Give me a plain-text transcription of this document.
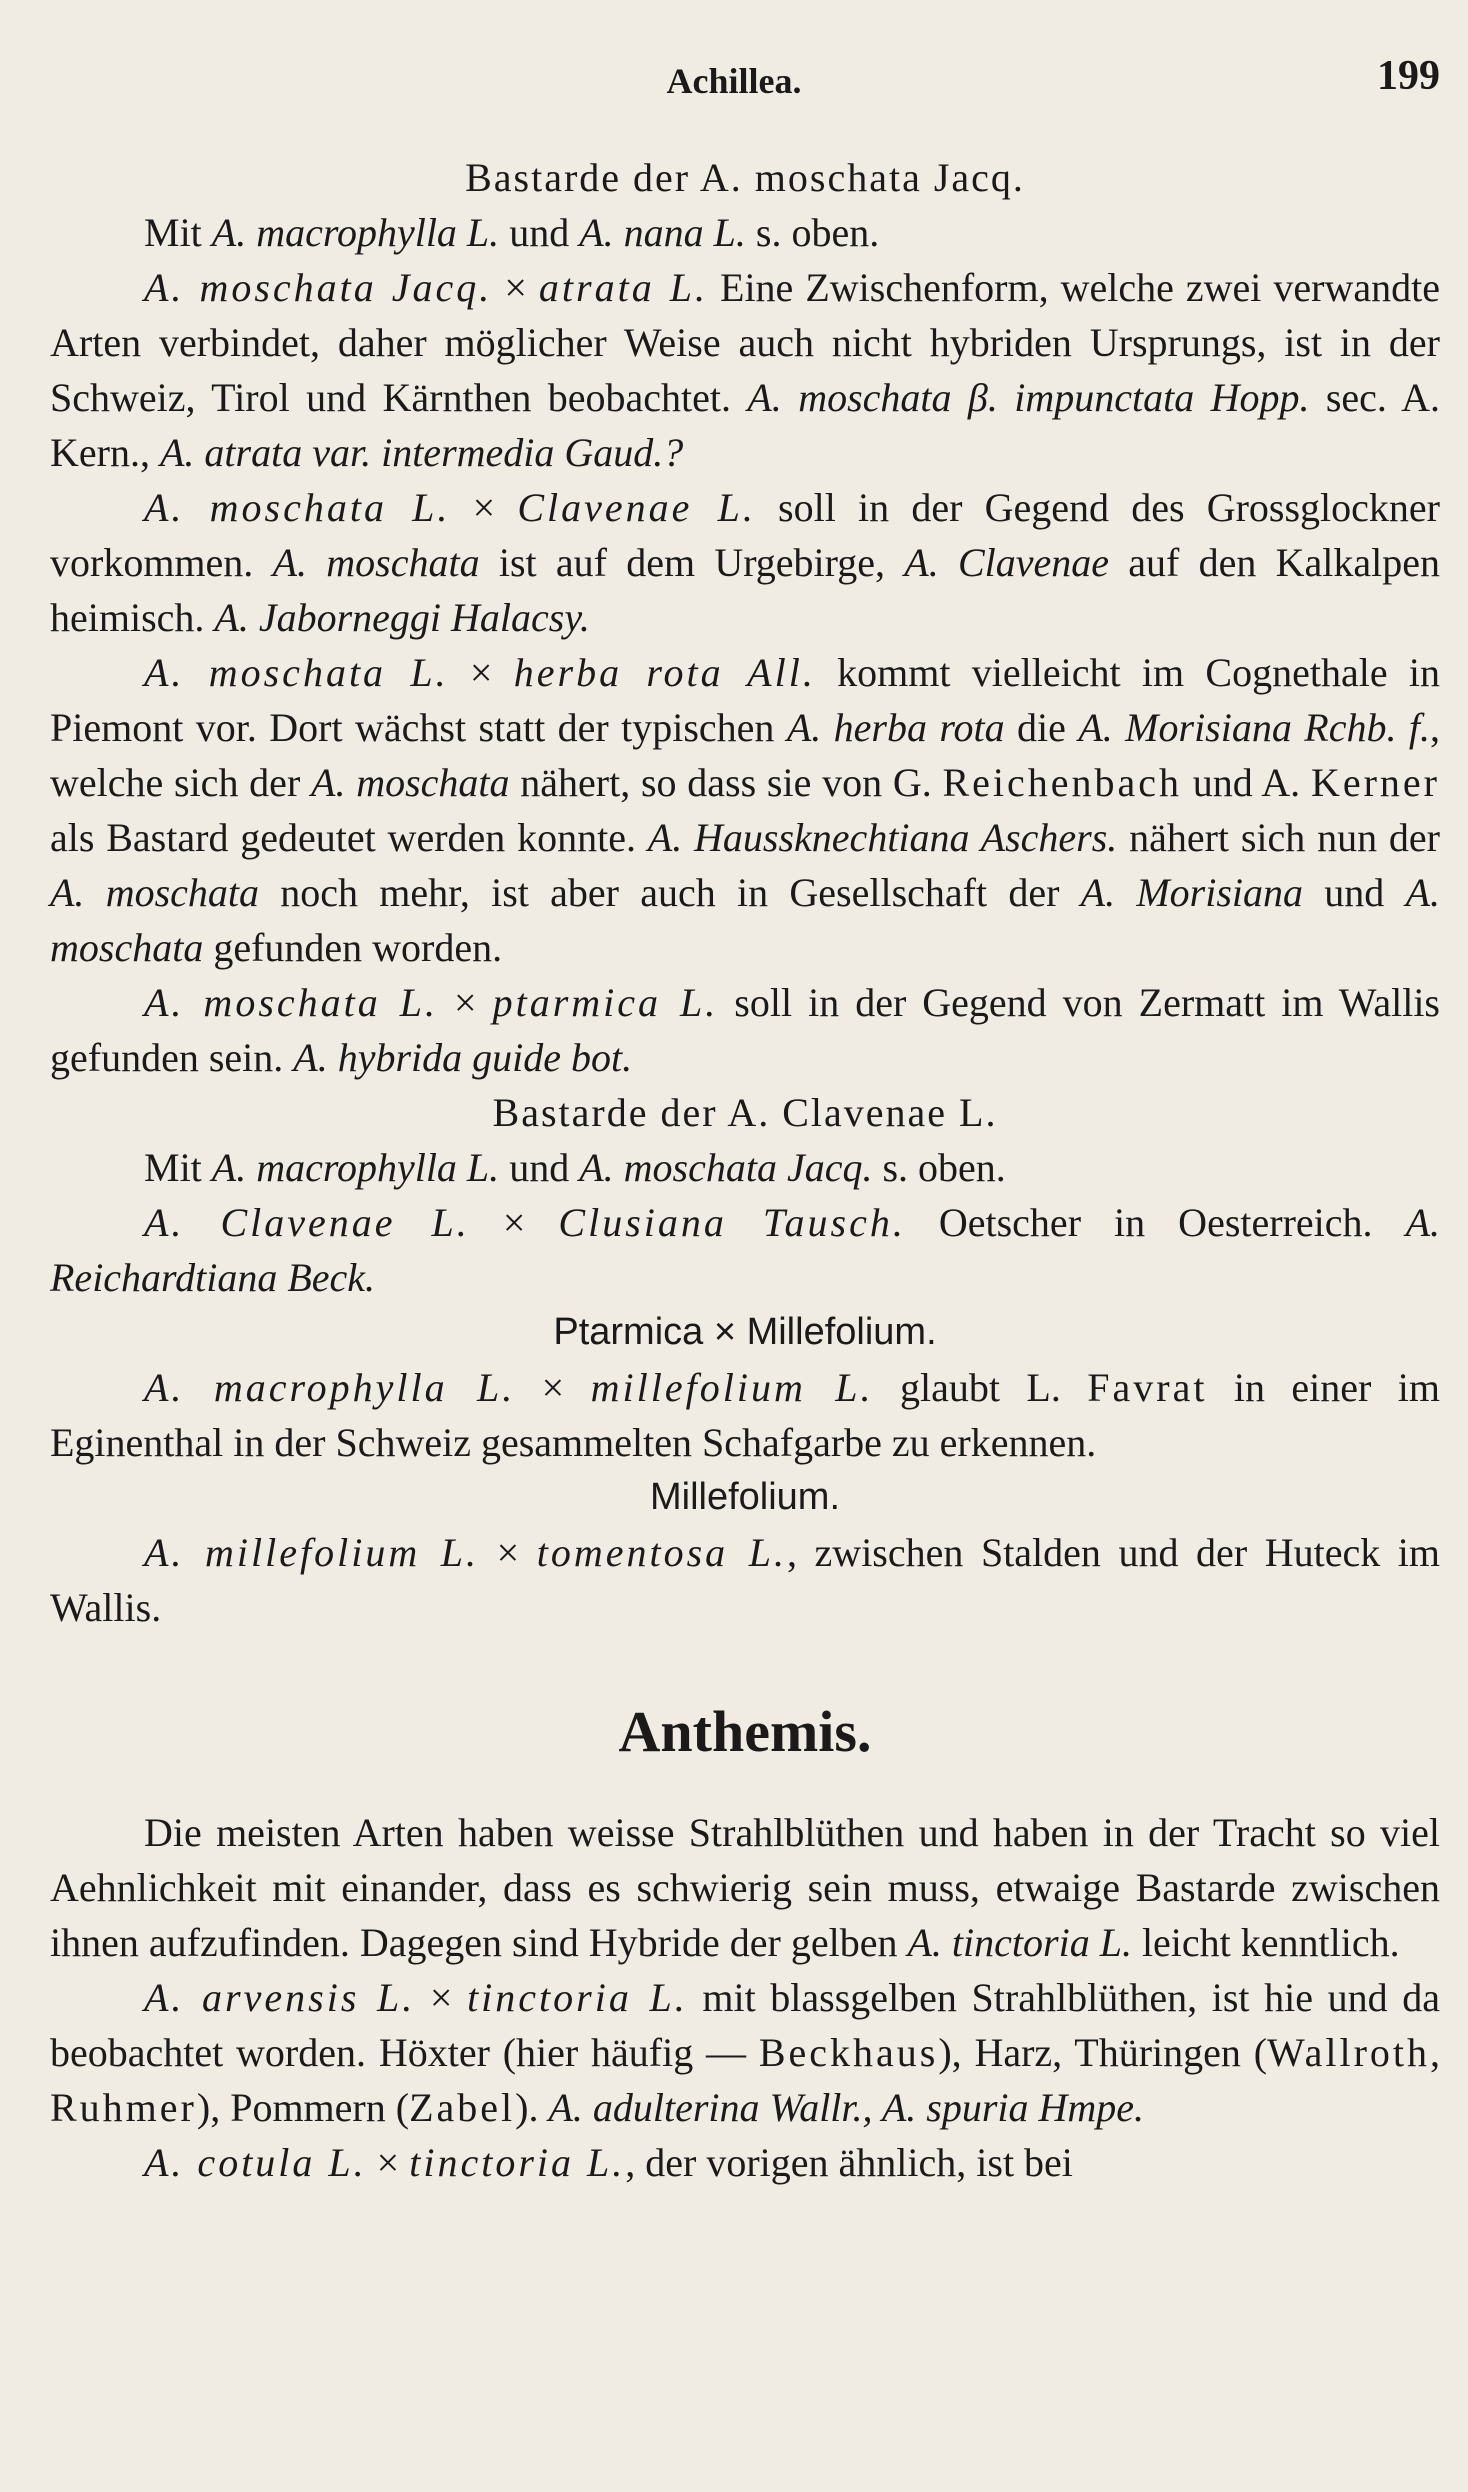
Achillea.	199

Bastarde der A. moschata Jacq.

Mit A. macrophylla L. und A. nana L. s. oben.

A. moschata Jacq. × atrata L. Eine Zwischenform, welche zwei verwandte Arten verbindet, daher möglicher Weise auch nicht hybriden Ursprungs, ist in der Schweiz, Tirol und Kärnthen beobachtet. A. moschata β. impunctata Hopp. sec. A. Kern., A. atrata var. intermedia Gaud.?

A. moschata L. × Clavenae L. soll in der Gegend des Grossglockner vorkommen. A. moschata ist auf dem Urgebirge, A. Clavenae auf den Kalkalpen heimisch. A. Jaborneggi Halacsy.

A. moschata L. × herba rota All. kommt vielleicht im Cognethale in Piemont vor. Dort wächst statt der typischen A. herba rota die A. Morisiana Rchb. f., welche sich der A. moschata nähert, so dass sie von G. Reichenbach und A. Kerner als Bastard gedeutet werden konnte. A. Haussknechtiana Aschers. nähert sich nun der A. moschata noch mehr, ist aber auch in Gesellschaft der A. Morisiana und A. moschata gefunden worden.

A. moschata L. × ptarmica L. soll in der Gegend von Zermatt im Wallis gefunden sein. A. hybrida guide bot.

Bastarde der A. Clavenae L.

Mit A. macrophylla L. und A. moschata Jacq. s. oben.

A. Clavenae L. × Clusiana Tausch. Oetscher in Oesterreich. A. Reichardtiana Beck.

Ptarmica × Millefolium.

A. macrophylla L. × millefolium L. glaubt L. Favrat in einer im Eginenthal in der Schweiz gesammelten Schafgarbe zu erkennen.

Millefolium.

A. millefolium L. × tomentosa L., zwischen Stalden und der Huteck im Wallis.

Anthemis.

Die meisten Arten haben weisse Strahlblüthen und haben in der Tracht so viel Aehnlichkeit mit einander, dass es schwierig sein muss, etwaige Bastarde zwischen ihnen aufzufinden. Dagegen sind Hybride der gelben A. tinctoria L. leicht kenntlich.

A. arvensis L. × tinctoria L. mit blassgelben Strahlblüthen, ist hie und da beobachtet worden. Höxter (hier häufig — Beckhaus), Harz, Thüringen (Wallroth, Ruhmer), Pommern (Zabel). A. adulterina Wallr., A. spuria Hmpe.

A. cotula L. × tinctoria L., der vorigen ähnlich, ist bei
